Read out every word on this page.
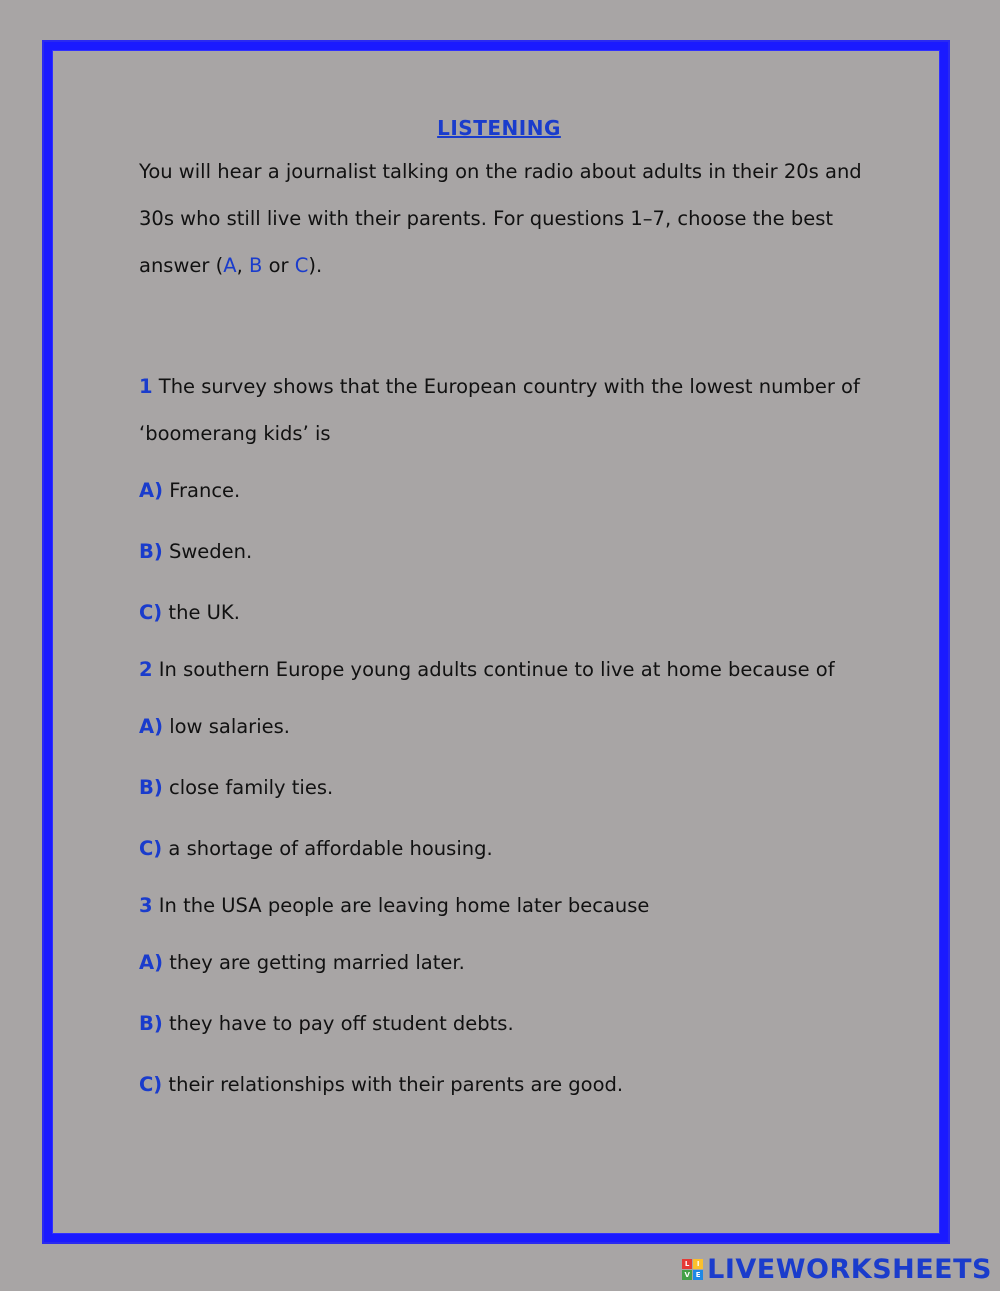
LISTENING

You will hear a journalist talking on the radio about adults in their 20s and 30s who still live with their parents. For questions 1–7, choose the best answer (A, B or C).

1 The survey shows that the European country with the lowest number of ‘boomerang kids’ is

A) France.

B) Sweden.

C) the UK.

2 In southern Europe young adults continue to live at home because of

A) low salaries.

B) close family ties.

C) a shortage of affordable housing.

3 In the USA people are leaving home later because

A) they are getting married later.

B) they have to pay off student debts.

C) their relationships with their parents are good.

L	I
V E LIVEWORKSHEETS
